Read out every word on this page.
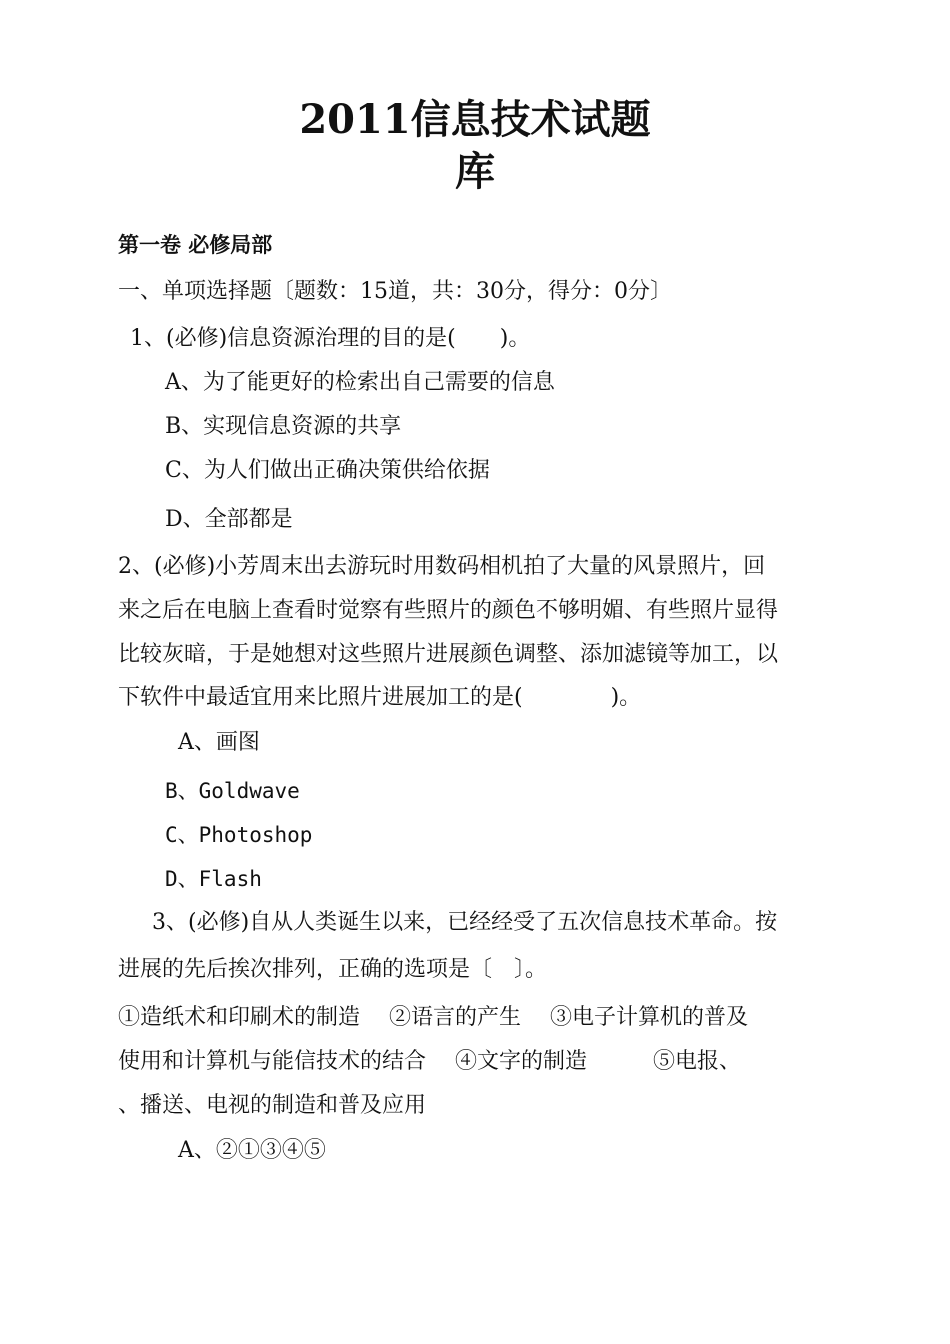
2011信息技术试题
库
第一卷 必修局部
一、单项选择题〔题数：15道，共：30分，得分：0分〕
1、(必修)信息资源治理的目的是(　　)。
A、为了能更好的检索出自己需要的信息
B、实现信息资源的共享
C、为人们做出正确决策供给依据
D、全部都是
2、(必修)小芳周末出去游玩时用数码相机拍了大量的风景照片，回
来之后在电脑上查看时觉察有些照片的颜色不够明媚、有些照片显得
比较灰暗，于是她想对这些照片进展颜色调整、添加滤镜等加工，以
下软件中最适宜用来比照片进展加工的是(　　　　)。
A、画图
B、Goldwave
C、Photoshop
D、Flash
3、(必修)自从人类诞生以来，已经经受了五次信息技术革命。按
进展的先后挨次排列，正确的选项是〔　〕。
①造纸术和印刷术的制造　 ②语言的产生　 ③电子计算机的普及
使用和计算机与能信技术的结合　 ④文字的制造　　　⑤电报、
、播送、电视的制造和普及应用
A、②①③④⑤
